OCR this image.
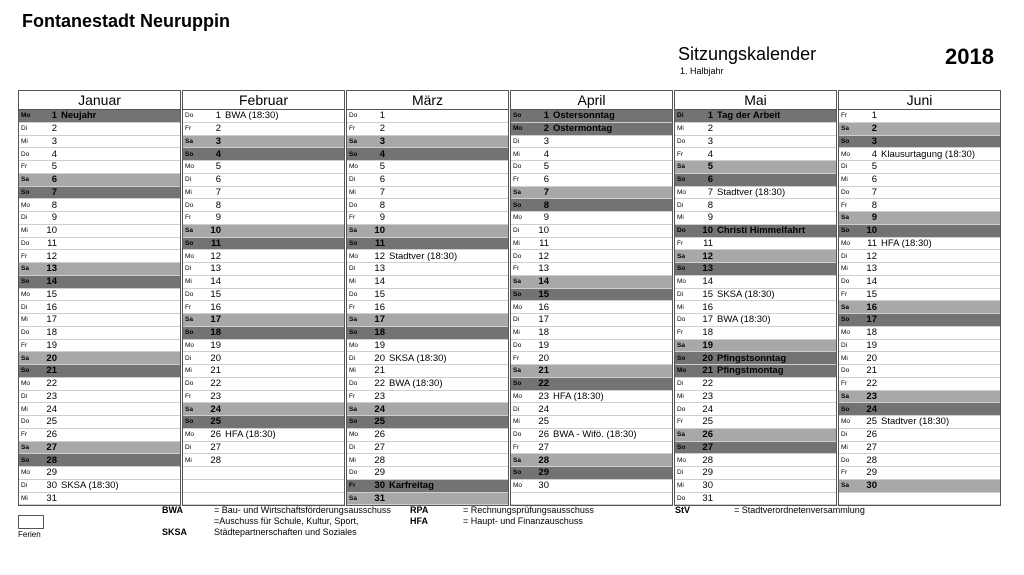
Fontanestadt Neuruppin
Sitzungskalender
1. Halbjahr
2018
Januar
Mo	1 Neujahr
Di	2
Mi	3
Do	4
Fr	5
Sa	6
So	7
Mo	8
Di	9
Mi	10
Do	11
Fr	12
Sa	13
So	14
Mo	15
Di	16
Mi	17
Do	18
Fr	19
Sa	20
So	21
Mo	22
Di	23
Mi	24
Do	25
Fr	26
Sa	27
So	28
Mo	29
Di	30 SKSA (18:30)
Mi	31
Februar
Do	1 BWA (18:30)
Fr	2
Sa	3
So	4
Mo	5
Di	6
Mi	7
Do	8
Fr	9
Sa	10
So	11
Mo	12
Di	13
Mi	14
Do	15
Fr	16
Sa	17
So	18
Mo	19
Di	20
Mi	21
Do	22
Fr	23
Sa	24
So	25
Mo	26 HFA (18:30)
Di	27
Mi	28
März
Do	1
Fr	2
Sa	3
So	4
Mo	5
Di	6
Mi	7
Do	8
Fr	9
Sa	10
So	11
Mo	12 Stadtver (18:30)
Di	13
Mi	14
Do	15
Fr	16
Sa	17
So	18
Mo	19
Di	20 SKSA (18:30)
Mi	21
Do	22 BWA (18:30)
Fr	23
Sa	24
So	25
Mo	26
Di	27
Mi	28
Do	29
Fr	30 Karfreitag
Sa	31
April
So	1 Ostersonntag
Mo	2 Ostermontag
Di	3
Mi	4
Do	5
Fr	6
Sa	7
So	8
Mo	9
Di	10
Mi	11
Do	12
Fr	13
Sa	14
So	15
Mo	16
Di	17
Mi	18
Do	19
Fr	20
Sa	21
So	22
Mo	23 HFA (18:30)
Di	24
Mi	25
Do	26 BWA - Wifö. (18:30)
Fr	27
Sa	28
So	29
Mo	30
Mai
Di	1 Tag der Arbeit
Mi	2
Do	3
Fr	4
Sa	5
So	6
Mo	7 Stadtver (18:30)
Di	8
Mi	9
Do	10 Christi Himmelfahrt
Fr	11
Sa	12
So	13
Mo	14
Di	15 SKSA (18:30)
Mi	16
Do	17 BWA (18:30)
Fr	18
Sa	19
So	20 Pfingstsonntag
Mo	21 Pfingstmontag
Di	22
Mi	23
Do	24
Fr	25
Sa	26
So	27
Mo	28
Di	29
Mi	30
Do	31
Juni
Fr	1
Sa	2
So	3
Mo	4 Klausurtagung (18:30)
Di	5
Mi	6
Do	7
Fr	8
Sa	9
So	10
Mo	11 HFA (18:30)
Di	12
Mi	13
Do	14
Fr	15
Sa	16
So	17
Mo	18
Di	19
Mi	20
Do	21
Fr	22
Sa	23
So	24
Mo	25 Stadtver (18:30)
Di	26
Mi	27
Do	28
Fr	29
Sa	30
Ferien
BWA	= Bau- und Wirtschaftsförderungsausschuss
=Auschuss für Schule, Kultur, Sport,
SKSA	Städtepartnerschaften und Soziales
RPA	= Rechnungsprüfungsausschuss
HFA	= Haupt- und Finanzauschuss
StV	= Stadtverordnetenversammlung
